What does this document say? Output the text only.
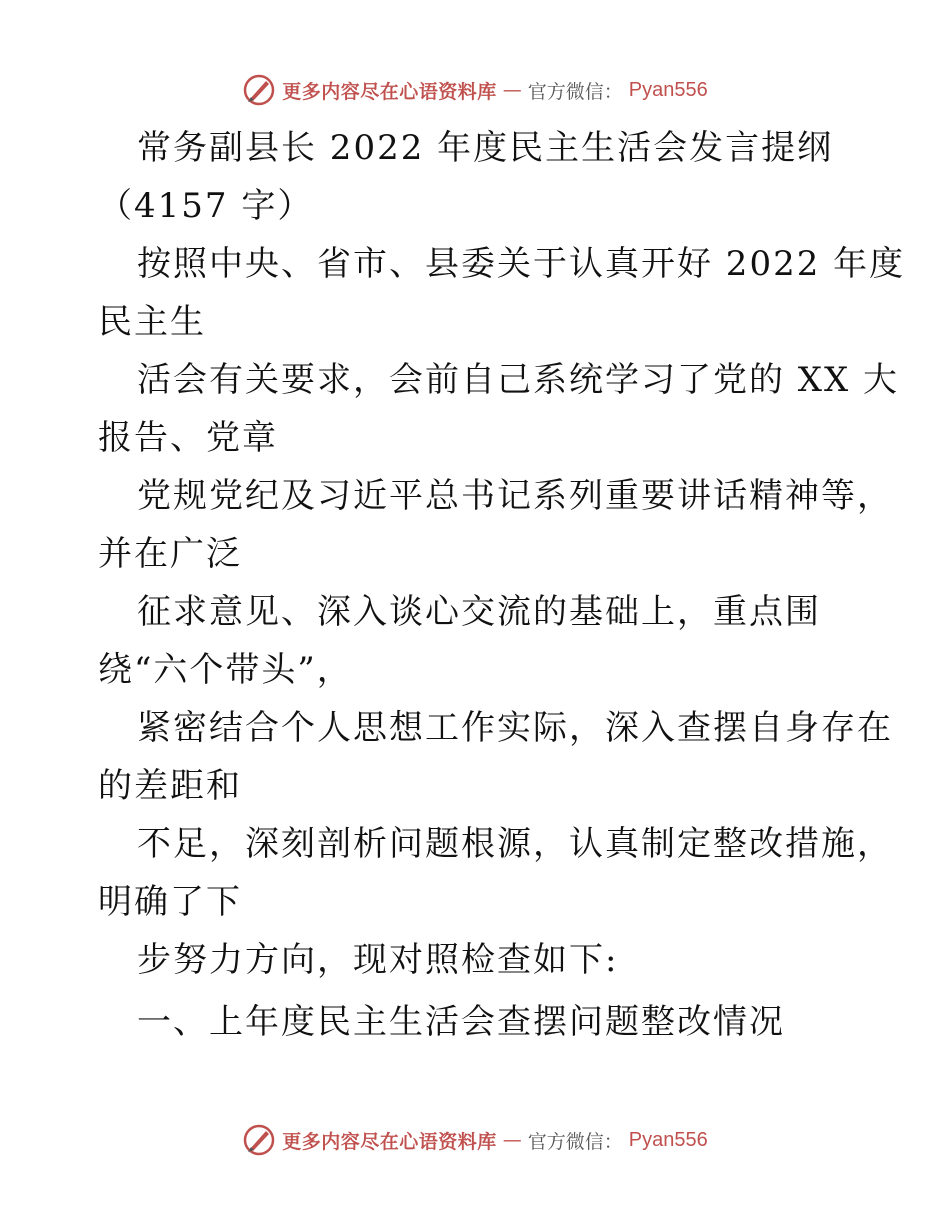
更多内容尽在心语资料库 — 官方微信： Pyan556
常务副县长 2022 年度民主生活会发言提纲
（4157 字）
按照中央、省市、县委关于认真开好 2022 年度
民主生
活会有关要求，会前自己系统学习了党的 XX 大
报告、党章
党规党纪及习近平总书记系列重要讲话精神等，
并在广泛
征求意见、深入谈心交流的基础上，重点围
绕“六个带头”，
紧密结合个人思想工作实际，深入查摆自身存在
的差距和
不足，深刻剖析问题根源，认真制定整改措施，
明确了下
步努力方向，现对照检查如下:
一、上年度民主生活会查摆问题整改情况
更多内容尽在心语资料库 — 官方微信： Pyan556
